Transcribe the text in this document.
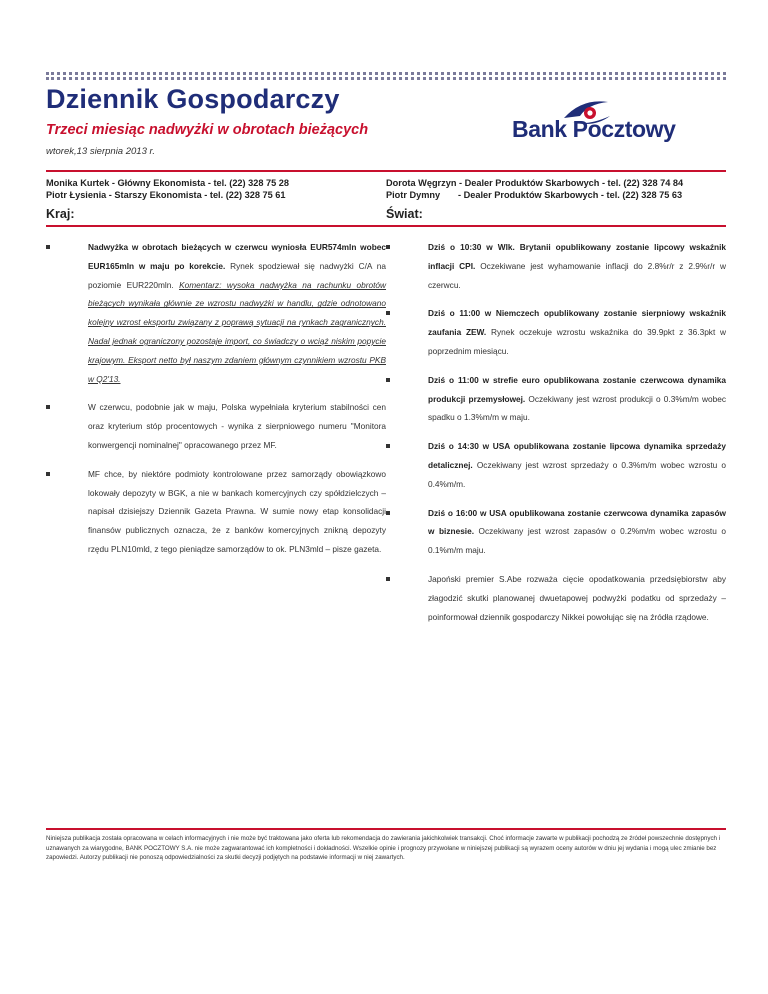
Dziennik Gospodarczy
Trzeci miesiąc nadwyżki w obrotach bieżących
wtorek,13 sierpnia 2013 r.
Bank Pocztowy
Monika Kurtek - Główny Ekonomista - tel. (22) 328 75 28
Piotr Łysienia - Starszy Ekonomista - tel. (22) 328 75 61
Dorota Węgrzyn - Dealer Produktów Skarbowych - tel. (22) 328 74 84
Piotr Dymny       - Dealer Produktów Skarbowych - tel. (22) 328 75 63
Kraj:	Świat:
Nadwyżka w obrotach bieżących w czerwcu wyniosła EUR574mln wobec EUR165mln w maju po korekcie. Rynek spodziewał się nadwyżki C/A na poziomie EUR220mln. Komentarz: wysoka nadwyżka na rachunku obrotów bieżących wynikała głównie ze wzrostu nadwyżki w handlu, gdzie odnotowano kolejny wzrost eksportu związany z poprawą sytuacji na rynkach zagranicznych. Nadal jednak ograniczony pozostaje import, co świadczy o wciąż niskim popycie krajowym. Eksport netto był naszym zdaniem głównym czynnikiem wzrostu PKB w Q2'13.
W czerwcu, podobnie jak w maju, Polska wypełniała kryterium stabilności cen oraz kryterium stóp procentowych - wynika z sierpniowego numeru "Monitora konwergencji nominalnej" opracowanego przez MF.
MF chce, by niektóre podmioty kontrolowane przez samorządy obowiązkowo lokowały depozyty w BGK, a nie w bankach komercyjnych czy spółdzielczych – napisał dzisiejszy Dziennik Gazeta Prawna. W sumie nowy etap konsolidacji finansów publicznych oznacza, że z banków komercyjnych znikną depozyty rzędu PLN10mld, z tego pieniądze samorządów to ok. PLN3mld – pisze gazeta.
Dziś o 10:30 w Wlk. Brytanii opublikowany zostanie lipcowy wskaźnik inflacji CPI. Oczekiwane jest wyhamowanie inflacji do 2.8%r/r z 2.9%r/r w czerwcu.
Dziś o 11:00 w Niemczech opublikowany zostanie sierpniowy wskaźnik zaufania ZEW. Rynek oczekuje wzrostu wskaźnika do 39.9pkt z 36.3pkt w poprzednim miesiącu.
Dziś o 11:00 w strefie euro opublikowana zostanie czerwcowa dynamika produkcji przemysłowej. Oczekiwany jest wzrost produkcji o 0.3%m/m wobec spadku o 1.3%m/m w maju.
Dziś o 14:30 w USA opublikowana zostanie lipcowa dynamika sprzedaży detalicznej. Oczekiwany jest wzrost sprzedaży o 0.3%m/m wobec wzrostu o 0.4%m/m.
Dziś o 16:00 w USA opublikowana zostanie czerwcowa dynamika zapasów w biznesie. Oczekiwany jest wzrost zapasów o 0.2%m/m wobec wzrostu o 0.1%m/m maju.
Japoński premier S.Abe rozważa cięcie opodatkowania przedsiębiorstw aby złagodzić skutki planowanej dwuetapowej podwyżki podatku od sprzedaży – poinformował dziennik gospodarczy Nikkei powołując się na źródła rządowe.
Niniejsza publikacja została opracowana w celach informacyjnych i nie może być traktowana jako oferta lub rekomendacja do zawierania jakichkolwiek transakcji. Choć informacje zawarte w publikacji pochodzą ze źródeł powszechnie dostępnych i uznawanych za wiarygodne, BANK POCZTOWY S.A. nie może zagwarantować ich kompletności i dokładności. Wszelkie opinie i prognozy przywołane w niniejszej publikacji są wyrazem oceny autorów w dniu jej wydania i mogą ulec zmianie bez zapowiedzi. Autorzy publikacji nie ponoszą odpowiedzialności za skutki decyzji podjętych na podstawie informacji w niej zawartych.
